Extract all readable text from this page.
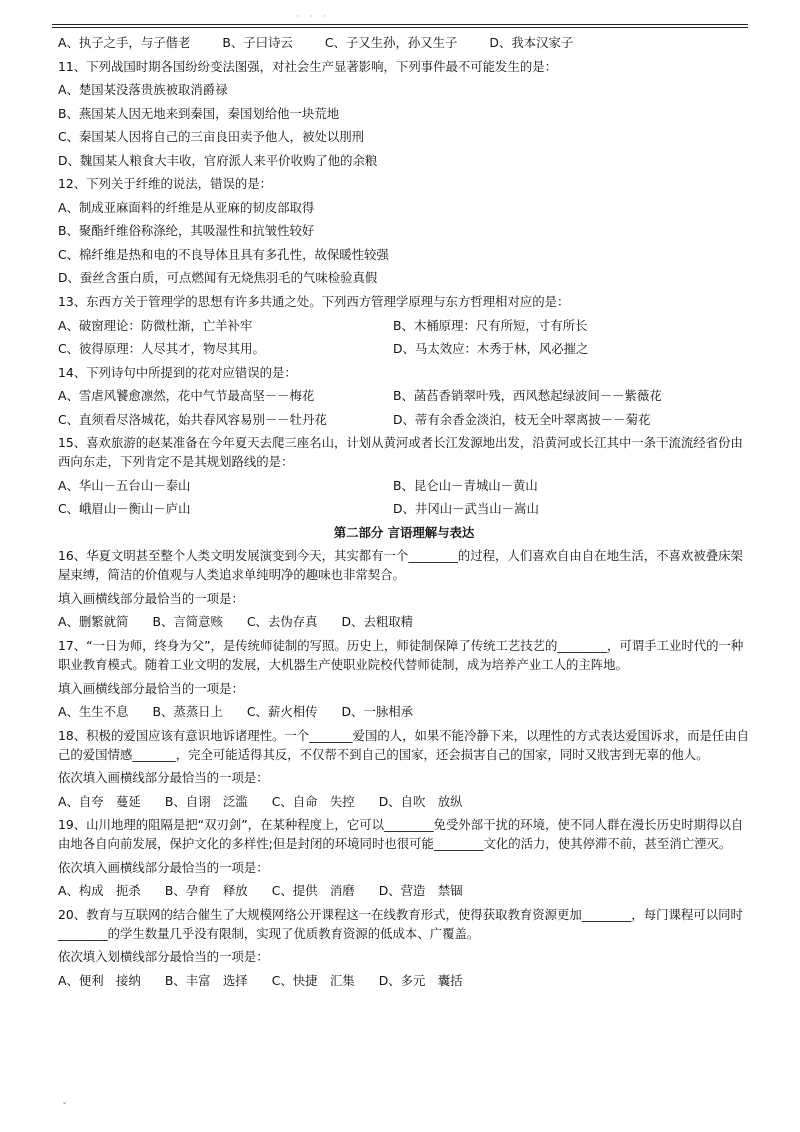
· · ·
A、执子之手，与子偕老	B、子曰诗云	C、子又生孙，孙又生子	D、我本汉家子
11、下列战国时期各国纷纷变法图强，对社会生产显著影响，下列事件最不可能发生的是：
A、楚国某没落贵族被取消爵禄
B、燕国某人因无地来到秦国，秦国划给他一块荒地
C、秦国某人因将自己的三亩良田卖予他人，被处以刖刑
D、魏国某人粮食大丰收，官府派人来平价收购了他的余粮
12、下列关于纤维的说法，错误的是：
A、制成亚麻面料的纤维是从亚麻的韧皮部取得
B、聚酯纤维俗称涤纶，其吸湿性和抗皱性较好
C、棉纤维是热和电的不良导体且具有多孔性，故保暖性较强
D、蚕丝含蛋白质，可点燃闻有无烧焦羽毛的气味检验真假
13、东西方关于管理学的思想有许多共通之处。下列西方管理学原理与东方哲理相对应的是：
A、破窗理论：防微杜渐，亡羊补牢	B、木桶原理：尺有所短，寸有所长
C、彼得原理：人尽其才，物尽其用。	D、马太效应：木秀于林，风必摧之
14、下列诗句中所提到的花对应错误的是：
A、雪虐风饕愈凛然，花中气节最高坚－－梅花	B、菡萏香销翠叶残，西风愁起绿波间－－紫薇花
C、直须看尽洛城花，始共春风容易别－－牡丹花	D、蒂有余香金淡泊，枝无全叶翠离披－－菊花
15、喜欢旅游的赵某准备在今年夏天去爬三座名山，计划从黄河或者长江发源地出发，沿黄河或长江其中一条干流流经省份由西向东走，下列肯定不是其规划路线的是：
A、华山－五台山－泰山	B、昆仑山－青城山－黄山
C、峨眉山－衡山－庐山	D、井冈山－武当山－嵩山
第二部分 言语理解与表达
16、华夏文明甚至整个人类文明发展演变到今天，其实都有一个________的过程，人们喜欢自由自在地生活，不喜欢被叠床架屋束缚，简洁的价值观与人类追求单纯明净的趣味也非常契合。
填入画横线部分最恰当的一项是：
A、删繁就简 B、言简意赅 C、去伪存真 D、去粗取精
17、“一日为师，终身为父”，是传统师徒制的写照。历史上，师徒制保障了传统工艺技艺的________，可谓手工业时代的一种职业教育模式。随着工业文明的发展，大机器生产使职业院校代替师徒制，成为培养产业工人的主阵地。
填入画横线部分最恰当的一项是：
A、生生不息 B、蒸蒸日上 C、薪火相传 D、一脉相承
18、积极的爱国应该有意识地诉诸理性。一个_______爱国的人，如果不能冷静下来，以理性的方式表达爱国诉求，而是任由自己的爱国情感_______，完全可能适得其反，不仅帮不到自己的国家，还会损害自己的国家，同时又戕害到无辜的他人。
依次填入画横线部分最恰当的一项是：
A、自夸　蔓延 B、自诩　泛滥 C、自命　失控 D、自吹　放纵
19、山川地理的阻隔是把“双刃剑”，在某种程度上，它可以________免受外部干扰的环境，使不同人群在漫长历史时期得以自由地各自向前发展，保护文化的多样性;但是封闭的环境同时也很可能________文化的活力，使其停滞不前，甚至消亡湮灭。
依次填入画横线部分最恰当的一项是：
A、构成　扼杀 B、孕育　释放 C、提供　消磨 D、营造　禁锢
20、教育与互联网的结合催生了大规模网络公开课程这一在线教育形式，使得获取教育资源更加________，每门课程可以同时________的学生数量几乎没有限制，实现了优质教育资源的低成本、广覆盖。
依次填入划横线部分最恰当的一项是：
A、便利　接纳 B、丰富　选择 C、快捷　汇集 D、多元　囊括
ˇ
